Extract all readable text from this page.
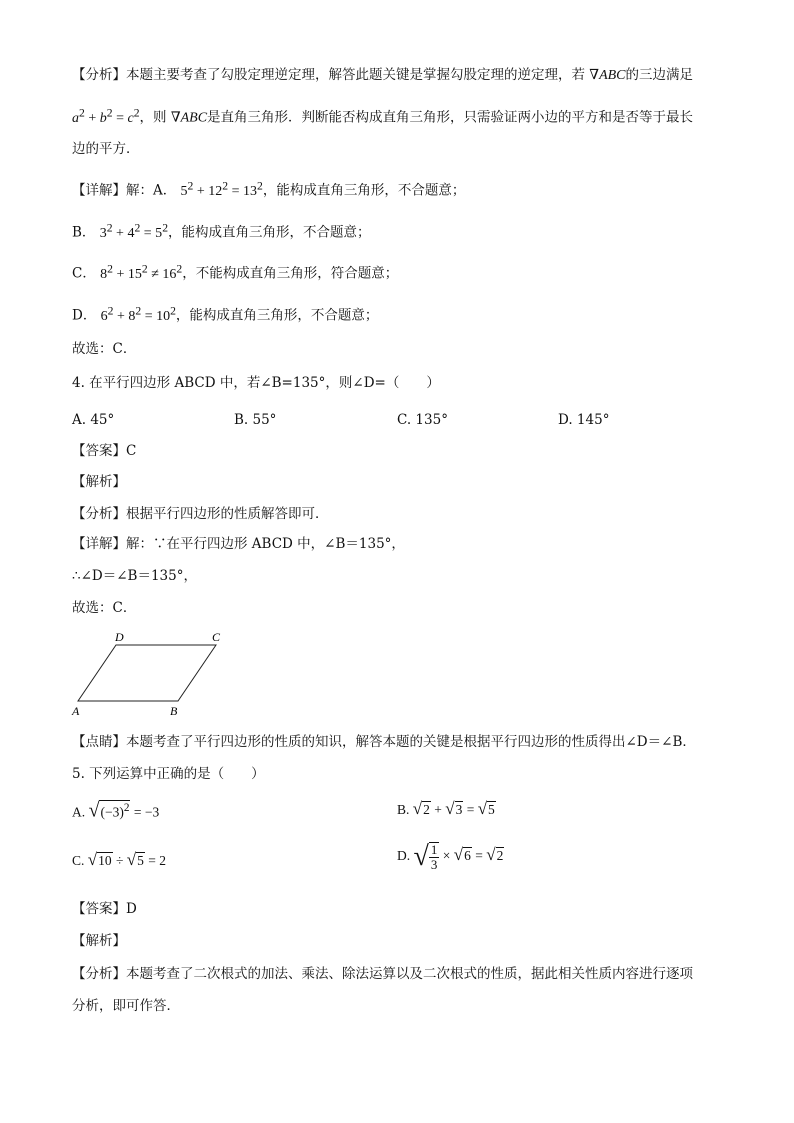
【分析】本题主要考查了勾股定理逆定理，解答此题关键是掌握勾股定理的逆定理，若 ∇ABC的三边满足
$a^2 + b^2 = c^2$，则 ∇ABC是直角三角形．判断能否构成直角三角形，只需验证两小边的平方和是否等于最长
边的平方．
【详解】解：A． $5^2 + 12^2 = 13^2$，能构成直角三角形，不合题意；
B． $3^2 + 4^2 = 5^2$，能构成直角三角形，不合题意；
C． $8^2 + 15^2 \ne 16^2$，不能构成直角三角形，符合题意；
D． $6^2 + 8^2 = 10^2$，能构成直角三角形，不合题意；
故选：C．
4. 在平行四边形 ABCD 中，若∠B=135°，则∠D=（　　）
A. 45°	B. 55°	C. 135°	D. 145°
【答案】C
【解析】
【分析】根据平行四边形的性质解答即可．
【详解】解：∵在平行四边形 ABCD 中，∠B＝135°，
∴∠D＝∠B＝135°，
故选：C．
D	C
A	B
【点睛】本题考查了平行四边形的性质的知识，解答本题的关键是根据平行四边形的性质得出∠D＝∠B．
5. 下列运算中正确的是（　　）
A. $√(-3)^2 = -3$	B. √2 + √3 = √5
C. √10 ÷ √5 = 2	D. √ $\frac{1}{3} \times √6 = √2$
【答案】D
【解析】
【分析】本题考查了二次根式的加法、乘法、除法运算以及二次根式的性质，据此相关性质内容进行逐项
分析，即可作答．
